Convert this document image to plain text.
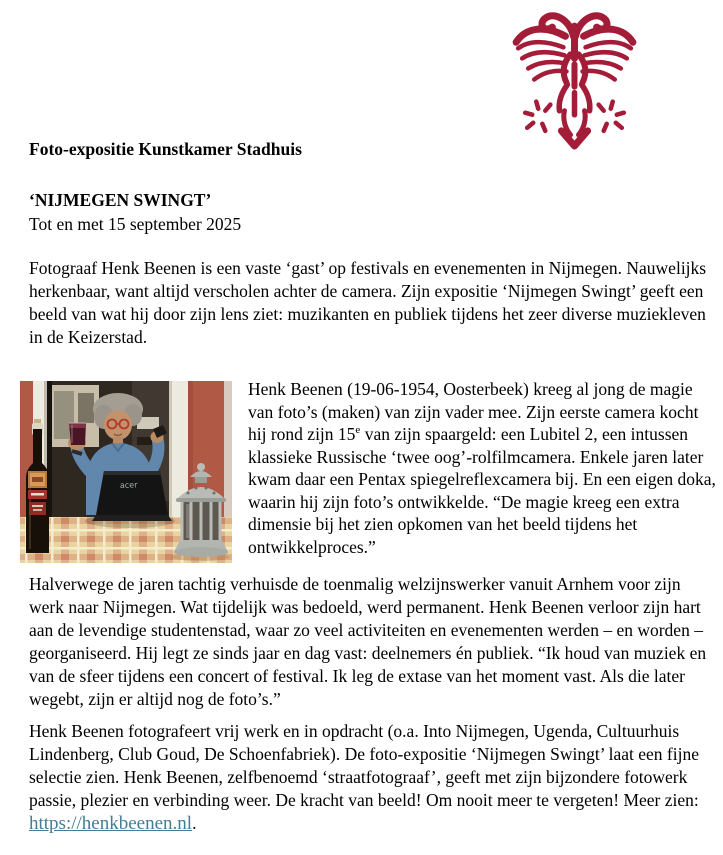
Foto-expositie Kunstkamer Stadhuis
‘NIJMEGEN SWINGT’
Tot en met 15 september 2025

Fotograaf Henk Beenen is een vaste ‘gast’ op festivals en evenementen in Nijmegen. Nauwelijks herkenbaar, want altijd verscholen achter de camera. Zijn expositie ‘Nijmegen Swingt’ geeft een beeld van wat hij door zijn lens ziet: muzikanten en publiek tijdens het zeer diverse muziekleven in de Keizerstad.

acer

Henk Beenen (19-06-1954, Oosterbeek) kreeg al jong de magie van foto’s (maken) van zijn vader mee. Zijn eerste camera kocht hij rond zijn 15e van zijn spaargeld: een Lubitel 2, een intussen klassieke Russische ‘twee oog’-rolfilmcamera. Enkele jaren later kwam daar een Pentax spiegelreflexcamera bij. En een eigen doka, waarin hij zijn foto’s ontwikkelde. “De magie kreeg een extra dimensie bij het zien opkomen van het beeld tijdens het ontwikkelproces.”

Halverwege de jaren tachtig verhuisde de toenmalig welzijnswerker vanuit Arnhem voor zijn werk naar Nijmegen. Wat tijdelijk was bedoeld, werd permanent. Henk Beenen verloor zijn hart aan de levendige studentenstad, waar zo veel activiteiten en evenementen werden – en worden – georganiseerd. Hij legt ze sinds jaar en dag vast: deelnemers én publiek. “Ik houd van muziek en van de sfeer tijdens een concert of festival. Ik leg de extase van het moment vast. Als die later wegebt, zijn er altijd nog de foto’s.”

Henk Beenen fotografeert vrij werk en in opdracht (o.a. Into Nijmegen, Ugenda, Cultuurhuis Lindenberg, Club Goud, De Schoenfabriek). De foto-expositie ‘Nijmegen Swingt’ laat een fijne selectie zien. Henk Beenen, zelfbenoemd ‘straatfotograaf’, geeft met zijn bijzondere fotowerk passie, plezier en verbinding weer. De kracht van beeld! Om nooit meer te vergeten! Meer zien: https://henkbeenen.nl.
